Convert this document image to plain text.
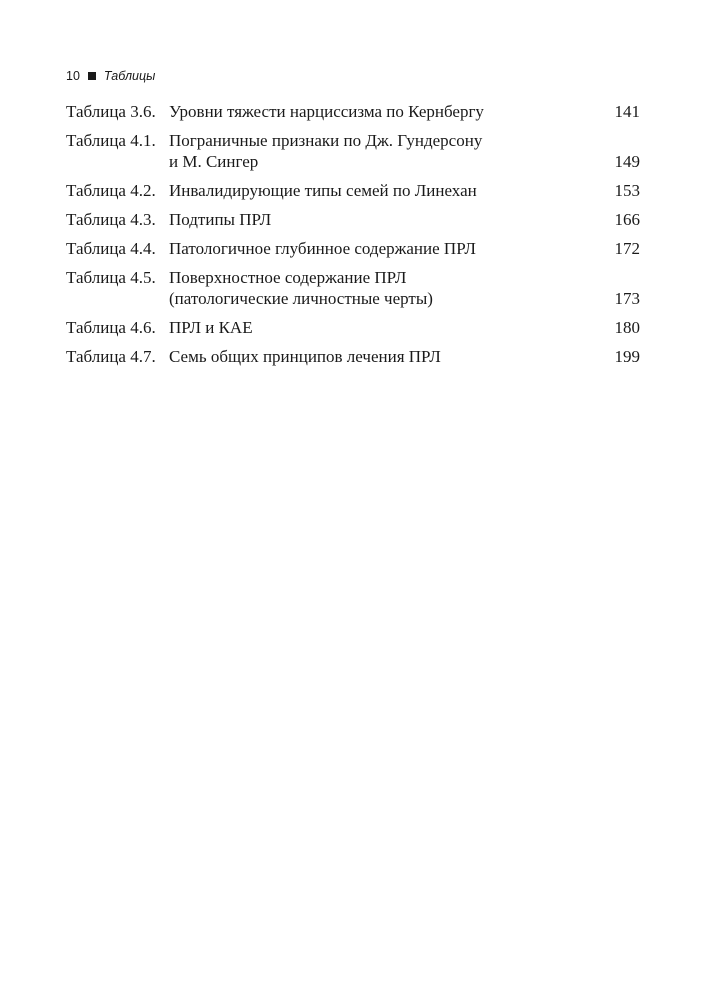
10 Таблицы
Таблица 3.6. Уровни тяжести нарциссизма по Кернбергу	141
Таблица 4.1. Пограничные признаки по Дж. Гундерсону
и М. Сингер	149
Таблица 4.2. Инвалидирующие типы семей по Линехан	153
Таблица 4.3. Подтипы ПРЛ	166
Таблица 4.4. Патологичное глубинное содержание ПРЛ	172
Таблица 4.5. Поверхностное содержание ПРЛ
(патологические личностные черты)	173
Таблица 4.6. ПРЛ и КАЕ	180
Таблица 4.7. Семь общих принципов лечения ПРЛ	199
